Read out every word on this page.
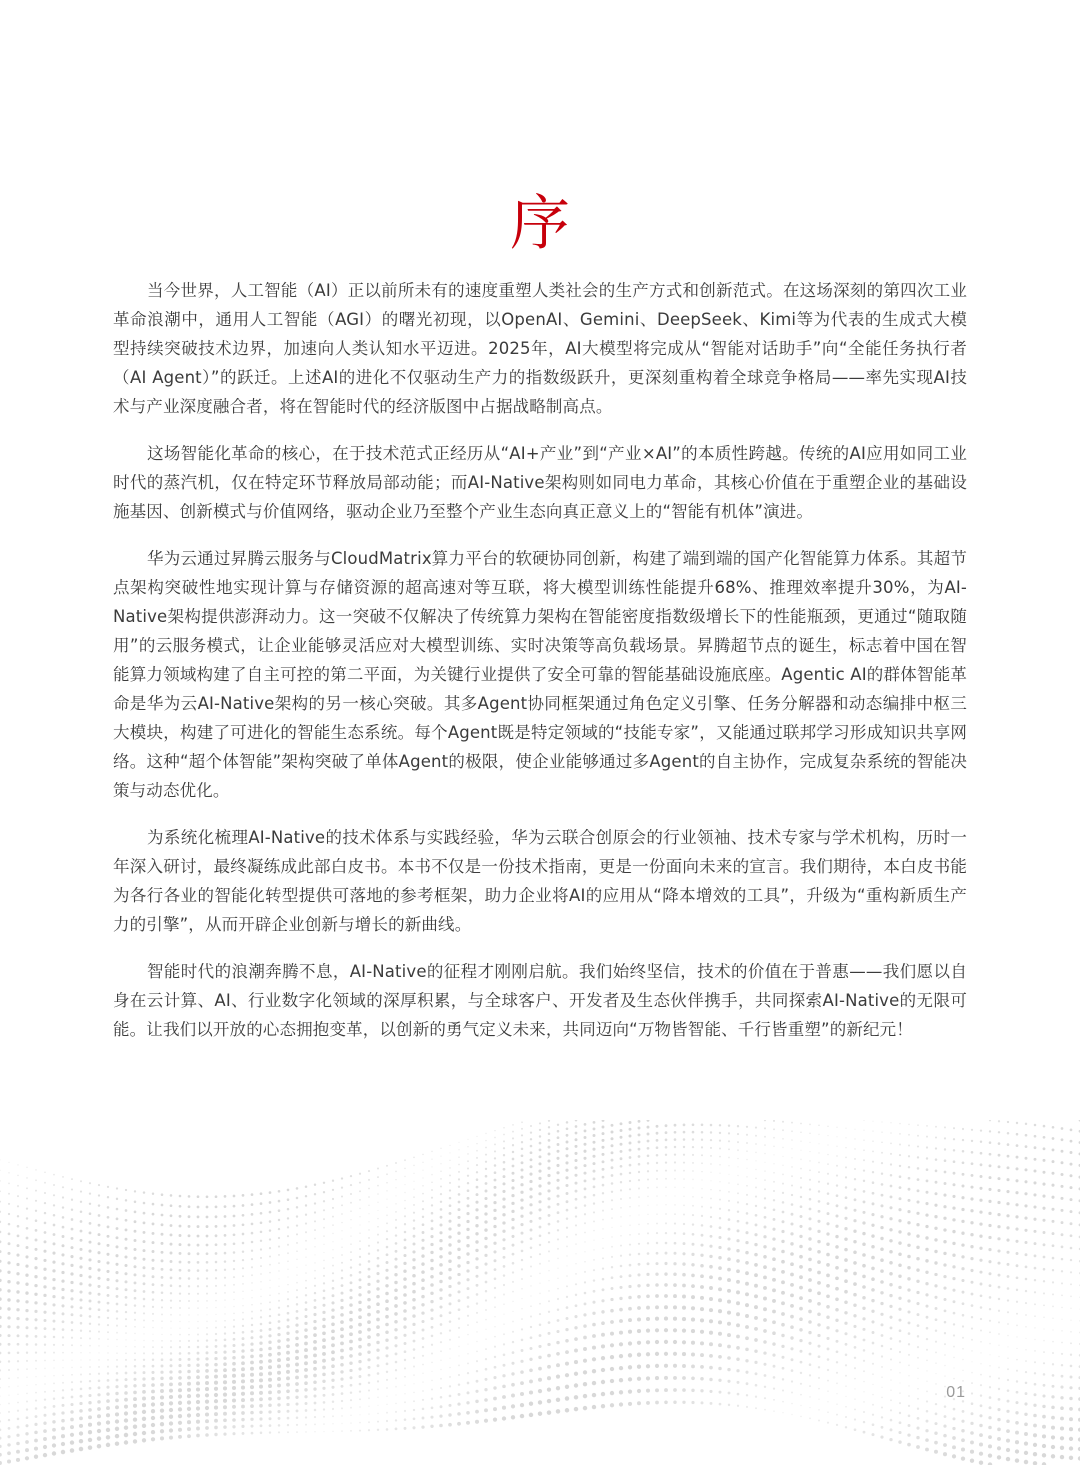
序

当今世界，人工智能（AI）正以前所未有的速度重塑人类社会的生产方式和创新范式。在这场深刻的第四次工业革命浪潮中，通用人工智能（AGI）的曙光初现，以OpenAI、Gemini、DeepSeek、Kimi等为代表的生成式大模型持续突破技术边界，加速向人类认知水平迈进。2025年，AI大模型将完成从“智能对话助手”向“全能任务执行者（AI Agent）”的跃迁。上述AI的进化不仅驱动生产力的指数级跃升，更深刻重构着全球竞争格局——率先实现AI技术与产业深度融合者，将在智能时代的经济版图中占据战略制高点。

这场智能化革命的核心，在于技术范式正经历从“AI+产业”到“产业×AI”的本质性跨越。传统的AI应用如同工业时代的蒸汽机，仅在特定环节释放局部动能；而AI-Native架构则如同电力革命，其核心价值在于重塑企业的基础设施基因、创新模式与价值网络，驱动企业乃至整个产业生态向真正意义上的“智能有机体”演进。

华为云通过昇腾云服务与CloudMatrix算力平台的软硬协同创新，构建了端到端的国产化智能算力体系。其超节点架构突破性地实现计算与存储资源的超高速对等互联，将大模型训练性能提升68%、推理效率提升30%，为AI-Native架构提供澎湃动力。这一突破不仅解决了传统算力架构在智能密度指数级增长下的性能瓶颈，更通过“随取随用”的云服务模式，让企业能够灵活应对大模型训练、实时决策等高负载场景。昇腾超节点的诞生，标志着中国在智能算力领域构建了自主可控的第二平面，为关键行业提供了安全可靠的智能基础设施底座。Agentic AI的群体智能革命是华为云AI-Native架构的另一核心突破。其多Agent协同框架通过角色定义引擎、任务分解器和动态编排中枢三大模块，构建了可进化的智能生态系统。每个Agent既是特定领域的“技能专家”，又能通过联邦学习形成知识共享网络。这种“超个体智能”架构突破了单体Agent的极限，使企业能够通过多Agent的自主协作，完成复杂系统的智能决策与动态优化。

为系统化梳理AI-Native的技术体系与实践经验，华为云联合创原会的行业领袖、技术专家与学术机构，历时一年深入研讨，最终凝练成此部白皮书。本书不仅是一份技术指南，更是一份面向未来的宣言。我们期待，本白皮书能为各行各业的智能化转型提供可落地的参考框架，助力企业将AI的应用从“降本增效的工具”，升级为“重构新质生产力的引擎”，从而开辟企业创新与增长的新曲线。

智能时代的浪潮奔腾不息，AI-Native的征程才刚刚启航。我们始终坚信，技术的价值在于普惠——我们愿以自身在云计算、AI、行业数字化领域的深厚积累，与全球客户、开发者及生态伙伴携手，共同探索AI-Native的无限可能。让我们以开放的心态拥抱变革，以创新的勇气定义未来，共同迈向“万物皆智能、千行皆重塑”的新纪元！

01
